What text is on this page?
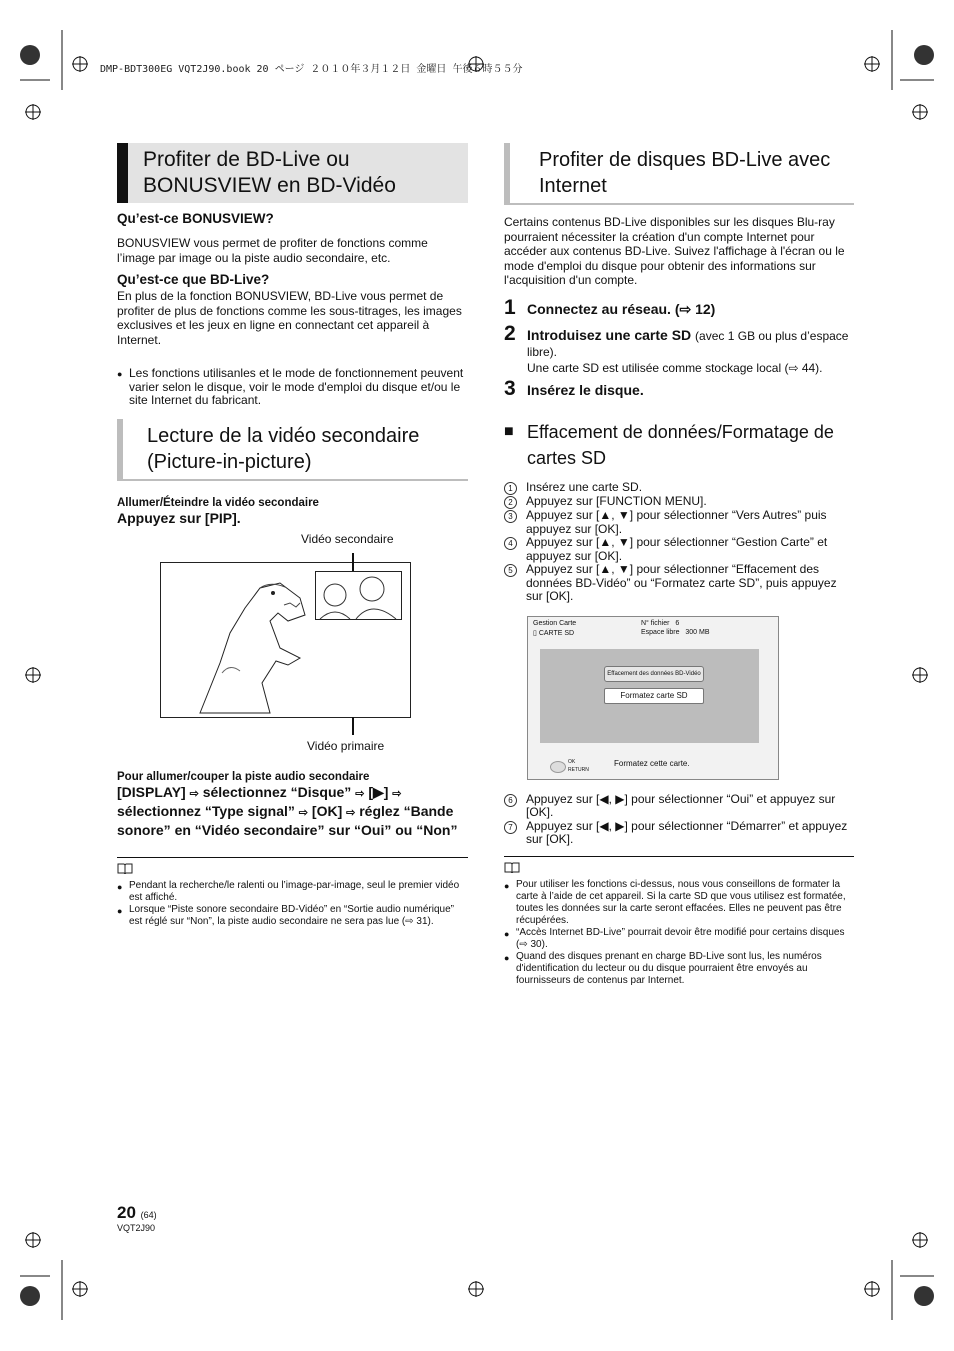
DMP-BDT300EG VQT2J90.book 20 ページ ２０１０年３月１２日 金曜日 午後６時５５分
Profiter de BD-Live ou BONUSVIEW en BD-Vidéo
Qu’est-ce BONUSVIEW?
BONUSVIEW vous permet de profiter de fonctions comme l’image par image ou la piste audio secondaire, etc.
Qu’est-ce que BD-Live?
En plus de la fonction BONUSVIEW, BD-Live vous permet de profiter de plus de fonctions comme les sous-titrages, les images exclusives et les jeux en ligne en connectant cet appareil à Internet.
● Les fonctions utilisanles et le mode de fonctionnement peuvent varier selon le disque, voir le mode d'emploi du disque et/ou le site Internet du fabricant.
Lecture de la vidéo secondaire (Picture-in-picture)
Allumer/Éteindre la vidéo secondaire
Appuyez sur [PIP].
Vidéo secondaire
Vidéo primaire
Pour allumer/couper la piste audio secondaire
[DISPLAY] ⇨ sélectionnez “Disque” ⇨ [▶] ⇨ sélectionnez “Type signal” ⇨ [OK] ⇨ réglez “Bande sonore” en “Vidéo secondaire” sur “Oui” ou “Non”
● Pendant la recherche/le ralenti ou l’image-par-image, seul le premier vidéo est affiché.
● Lorsque “Piste sonore secondaire BD-Vidéo” en “Sortie audio numérique” est réglé sur “Non”, la piste audio secondaire ne sera pas lue (⇨ 31).
Profiter de disques BD-Live avec Internet
Certains contenus BD-Live disponibles sur les disques Blu-ray pourraient nécessiter la création d'un compte Internet pour accéder aux contenus BD-Live. Suivez l'affichage à l'écran ou le mode d'emploi du disque pour obtenir des informations sur l'acquisition d'un compte.
1 Connectez au réseau. (⇨ 12)
2 Introduisez une carte SD (avec 1 GB ou plus d’espace libre).
Une carte SD est utilisée comme stockage local (⇨ 44).
3 Insérez le disque.
■ Effacement de données/Formatage de cartes SD
1	Insérez une carte SD.
2	Appuyez sur [FUNCTION MENU].
3	Appuyez sur [▲, ▼] pour sélectionner “Vers Autres” puis appuyez sur [OK].
4	Appuyez sur [▲, ▼] pour sélectionner “Gestion Carte” et appuyez sur [OK].
5	Appuyez sur [▲, ▼] pour sélectionner “Effacement des données BD-Vidéo” ou “Formatez carte SD”, puis appuyez sur [OK].
Gestion Carte
▯ CARTE SD
N° fichier 6
Espace libre 300 MB
Effacement des données BD-Vidéo
Formatez carte SD
OK
RETURN
Formatez cette carte.
6	Appuyez sur [◀, ▶] pour sélectionner “Oui” et appuyez sur [OK].
7	Appuyez sur [◀, ▶] pour sélectionner “Démarrer” et appuyez sur [OK].
● Pour utiliser les fonctions ci-dessus, nous vous conseillons de formater la carte à l’aide de cet appareil. Si la carte SD que vous utilisez est formatée, toutes les données sur la carte seront effacées. Elles ne peuvent pas être récupérées.
● “Accès Internet BD-Live” pourrait devoir être modifié pour certains disques (⇨ 30).
● Quand des disques prenant en charge BD-Live sont lus, les numéros d'identification du lecteur ou du disque pourraient être envoyés au fournisseurs de contenus par Internet.
20 (64)
VQT2J90
